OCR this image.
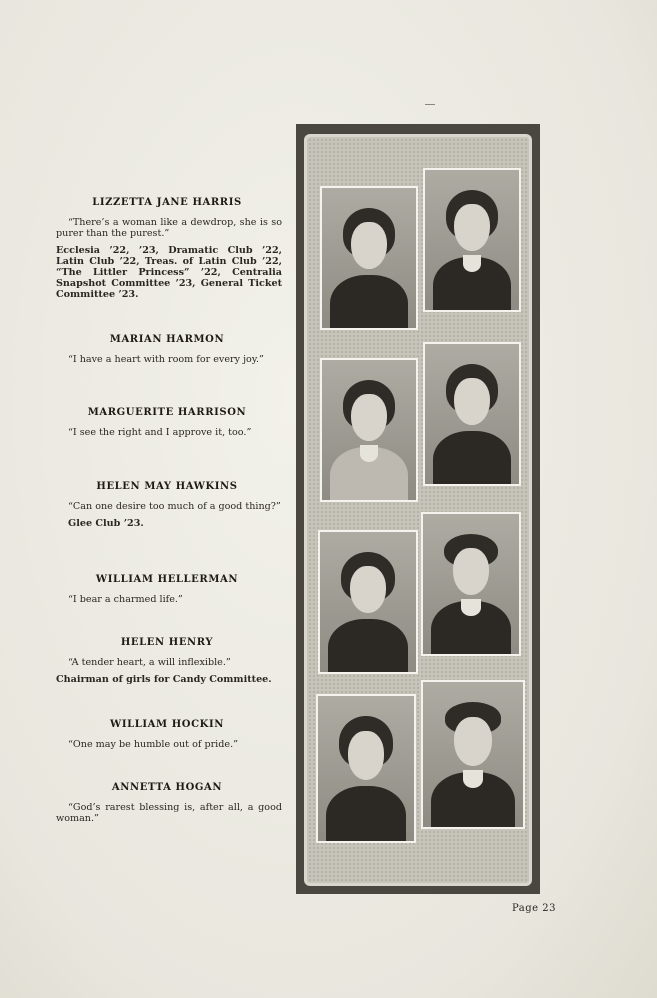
LIZZETTA JANE HARRIS

“There’s a woman like a dewdrop, she is so purer than the purest.”

Ecclesia ’22, ’23, Dramatic Club ’22, Latin Club ’22, Treas. of Latin Club ’22, “The Littler Princess” ’22, Centralia Snapshot Committee ’23, General Ticket Committee ’23.

MARIAN HARMON

“I have a heart with room for every joy.”

MARGUERITE HARRISON

“I see the right and I approve it, too.”

HELEN MAY HAWKINS

“Can one desire too much of a good thing?”

Glee Club ’23.

WILLIAM HELLERMAN

“I bear a charmed life.”

HELEN HENRY

“A tender heart, a will inflexible.”

Chairman of girls for Candy Committee.

WILLIAM HOCKIN

“One may be humble out of pride.”

ANNETTA HOGAN

“God’s rarest blessing is, after all, a good woman.”

Page 23
